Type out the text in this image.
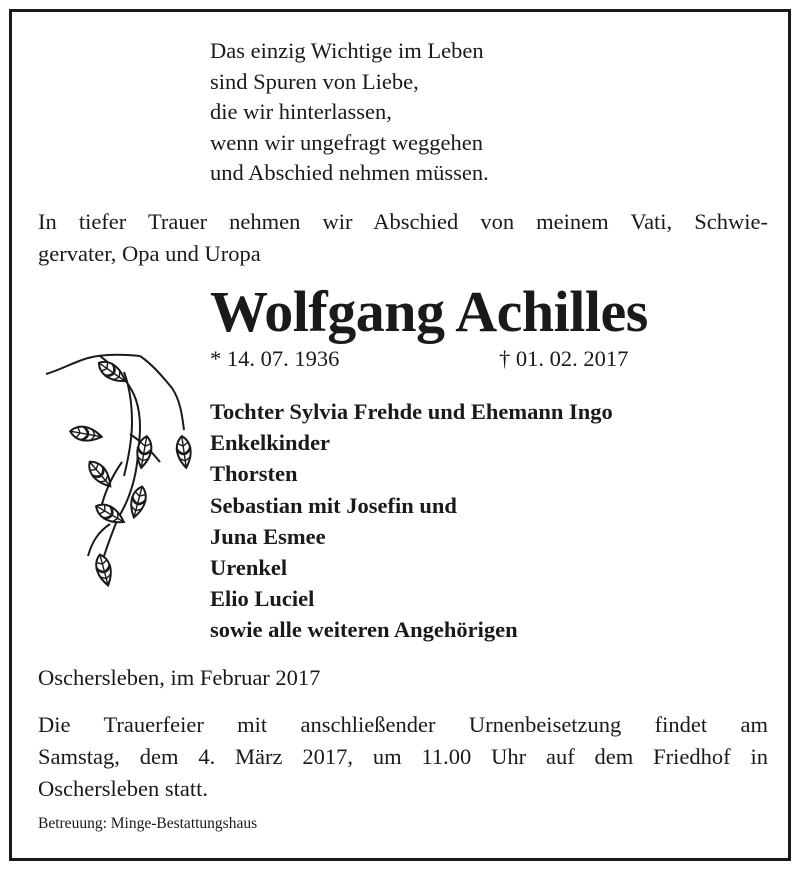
Das einzig Wichtige im Leben
sind Spuren von Liebe,
die wir hinterlassen,
wenn wir ungefragt weggehen
und Abschied nehmen müssen.
In tiefer Trauer nehmen wir Abschied von meinem Vati, Schwie-
gervater, Opa und Uropa
Wolfgang Achilles
* 14. 07. 1936	† 01. 02. 2017
Tochter Sylvia Frehde und Ehemann Ingo
Enkelkinder
Thorsten
Sebastian mit Josefin und
Juna Esmee
Urenkel
Elio Luciel
sowie alle weiteren Angehörigen
Oschersleben, im Februar 2017
Die Trauerfeier mit anschließender Urnenbeisetzung findet am
Samstag, dem 4. März 2017, um 11.00 Uhr auf dem Friedhof in
Oschersleben statt.
Betreuung: Minge-Bestattungshaus
